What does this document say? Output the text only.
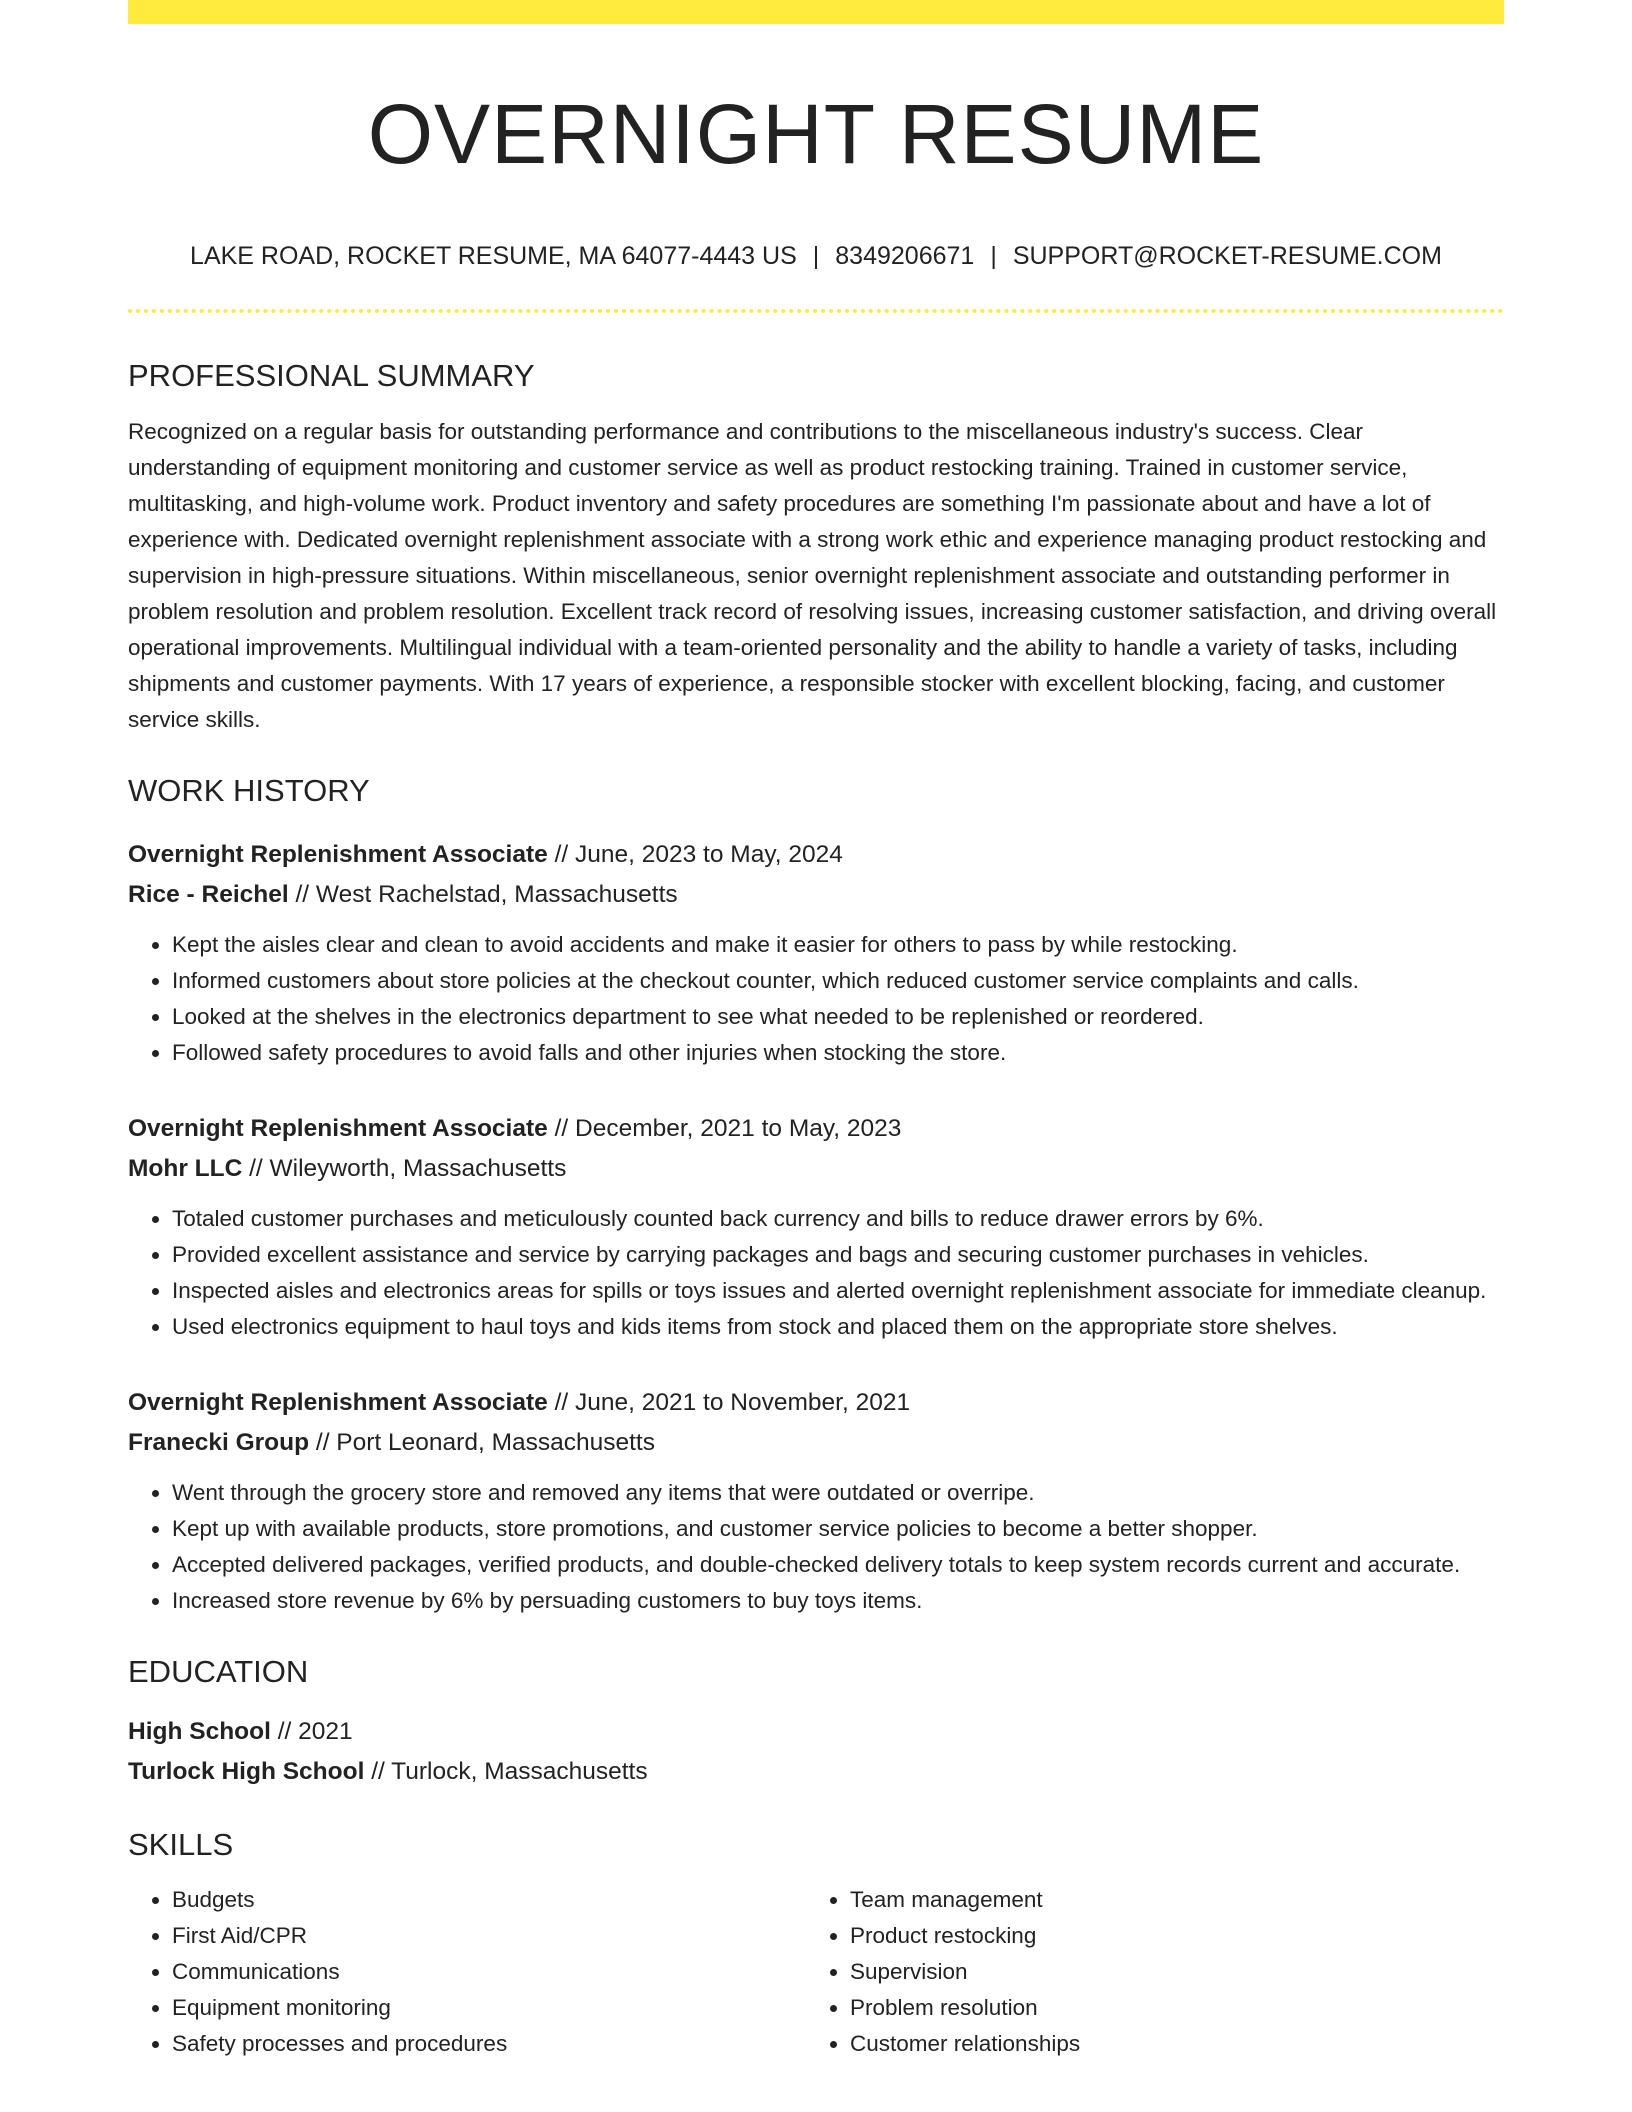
OVERNIGHT RESUME
LAKE ROAD, ROCKET RESUME, MA 64077-4443 US | 8349206671 | SUPPORT@ROCKET-RESUME.COM
PROFESSIONAL SUMMARY
Recognized on a regular basis for outstanding performance and contributions to the miscellaneous industry's success. Clear understanding of equipment monitoring and customer service as well as product restocking training. Trained in customer service, multitasking, and high-volume work. Product inventory and safety procedures are something I'm passionate about and have a lot of experience with. Dedicated overnight replenishment associate with a strong work ethic and experience managing product restocking and supervision in high-pressure situations. Within miscellaneous, senior overnight replenishment associate and outstanding performer in problem resolution and problem resolution. Excellent track record of resolving issues, increasing customer satisfaction, and driving overall operational improvements. Multilingual individual with a team-oriented personality and the ability to handle a variety of tasks, including shipments and customer payments. With 17 years of experience, a responsible stocker with excellent blocking, facing, and customer service skills.
WORK HISTORY
Overnight Replenishment Associate // June, 2023 to May, 2024
Rice - Reichel // West Rachelstad, Massachusetts
• Kept the aisles clear and clean to avoid accidents and make it easier for others to pass by while restocking.
• Informed customers about store policies at the checkout counter, which reduced customer service complaints and calls.
• Looked at the shelves in the electronics department to see what needed to be replenished or reordered.
• Followed safety procedures to avoid falls and other injuries when stocking the store.
Overnight Replenishment Associate // December, 2021 to May, 2023
Mohr LLC // Wileyworth, Massachusetts
• Totaled customer purchases and meticulously counted back currency and bills to reduce drawer errors by 6%.
• Provided excellent assistance and service by carrying packages and bags and securing customer purchases in vehicles.
• Inspected aisles and electronics areas for spills or toys issues and alerted overnight replenishment associate for immediate cleanup.
• Used electronics equipment to haul toys and kids items from stock and placed them on the appropriate store shelves.
Overnight Replenishment Associate // June, 2021 to November, 2021
Franecki Group // Port Leonard, Massachusetts
• Went through the grocery store and removed any items that were outdated or overripe.
• Kept up with available products, store promotions, and customer service policies to become a better shopper.
• Accepted delivered packages, verified products, and double-checked delivery totals to keep system records current and accurate.
• Increased store revenue by 6% by persuading customers to buy toys items.
EDUCATION
High School // 2021
Turlock High School // Turlock, Massachusetts
SKILLS
• Budgets
• First Aid/CPR
• Communications
• Equipment monitoring
• Safety processes and procedures
• Team management
• Product restocking
• Supervision
• Problem resolution
• Customer relationships
